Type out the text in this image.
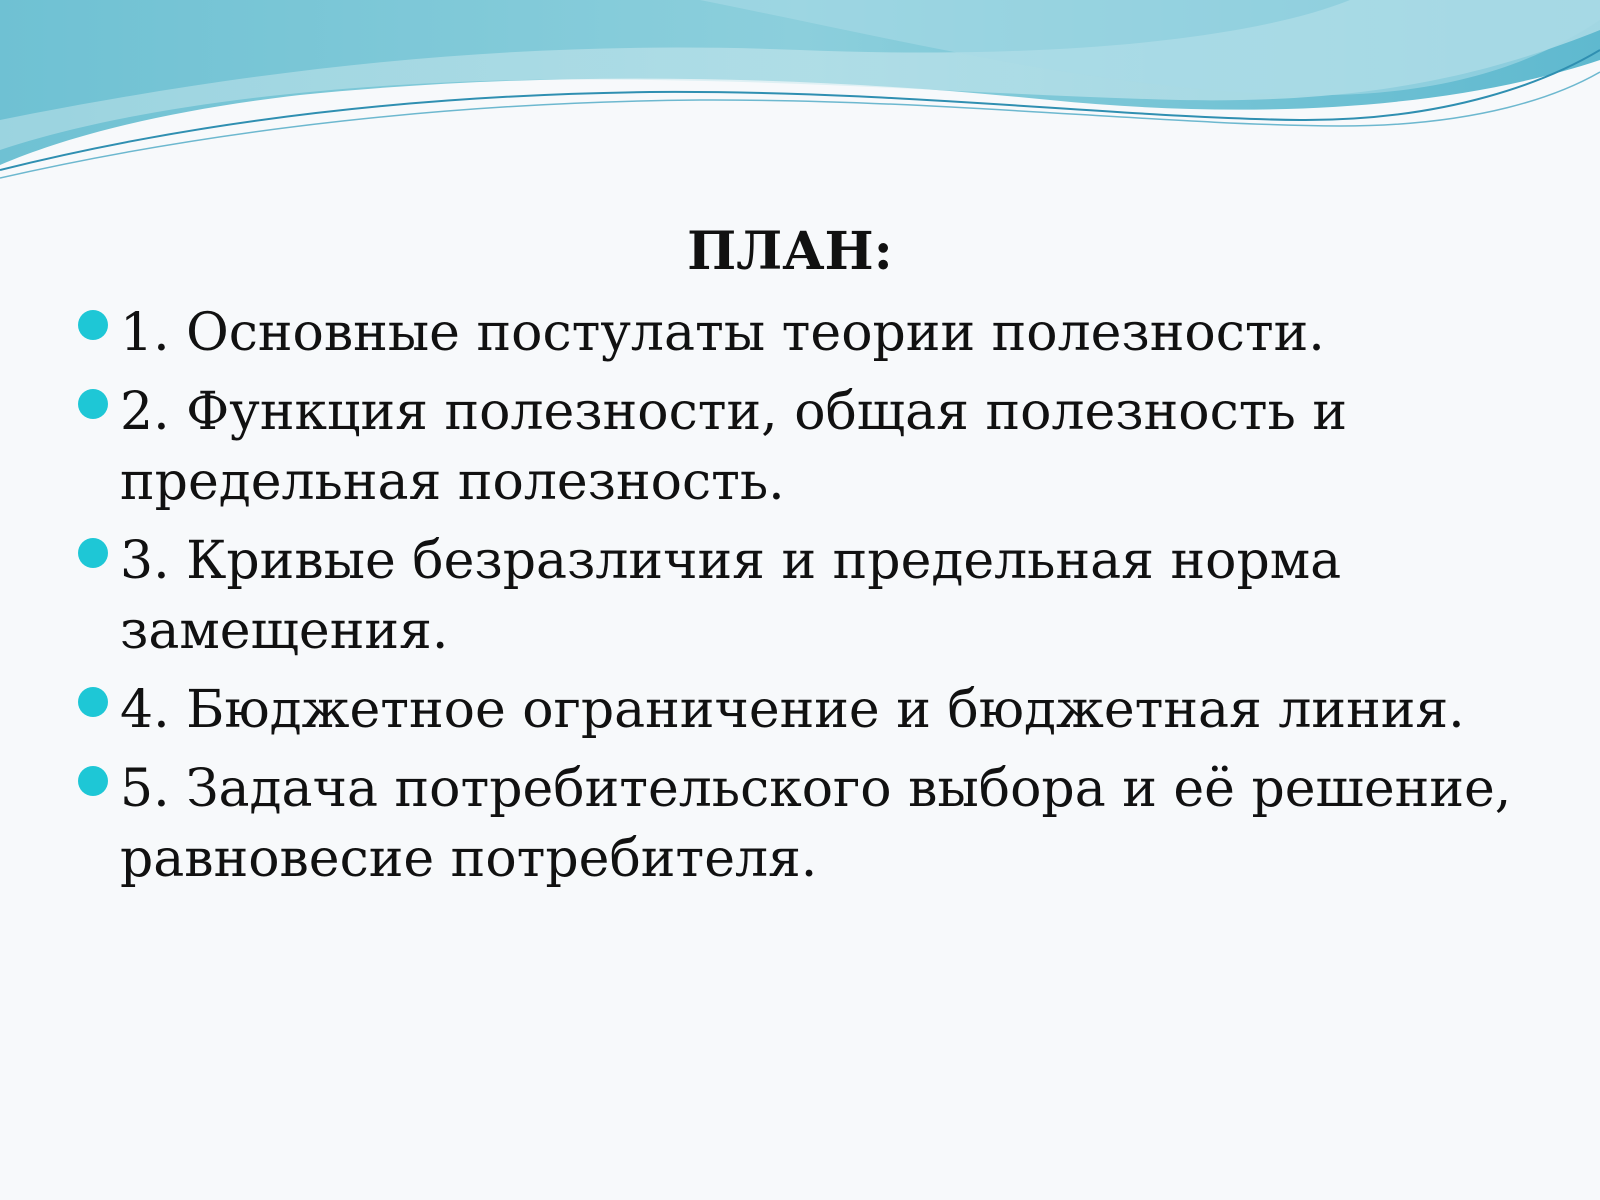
ПЛАН:
1. Основные постулаты теории полезности.
2. Функция полезности, общая полезность и предельная полезность.
3. Кривые безразличия и предельная норма замещения.
4. Бюджетное ограничение и бюджетная линия.
5. Задача потребительского выбора и её решение, равновесие потребителя.
